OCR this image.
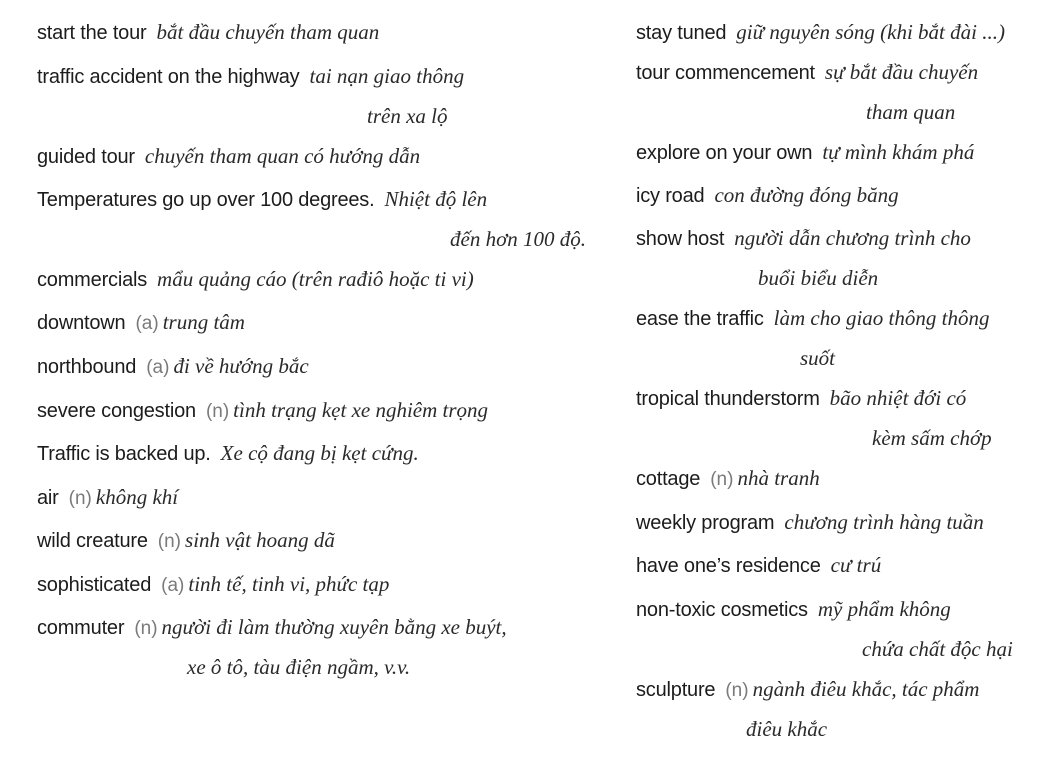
start the tour bắt đầu chuyến tham quan
traffic accident on the highway tai nạn giao thông
trên xa lộ
guided tour chuyến tham quan có hướng dẫn
Temperatures go up over 100 degrees. Nhiệt độ lên
đến hơn 100 độ.
commercials mẩu quảng cáo (trên rađiô hoặc ti vi)
downtown (a) trung tâm
northbound (a) đi về hướng bắc
severe congestion (n) tình trạng kẹt xe nghiêm trọng
Traffic is backed up. Xe cộ đang bị kẹt cứng.
air (n) không khí
wild creature (n) sinh vật hoang dã
sophisticated (a) tinh tế, tinh vi, phức tạp
commuter (n) người đi làm thường xuyên bằng xe buýt,
xe ô tô, tàu điện ngầm, v.v.
stay tuned giữ nguyên sóng (khi bắt đài ...)
tour commencement sự bắt đầu chuyến
tham quan
explore on your own tự mình khám phá
icy road con đường đóng băng
show host người dẫn chương trình cho
buổi biểu diễn
ease the traffic làm cho giao thông thông
suốt
tropical thunderstorm bão nhiệt đới có
kèm sấm chớp
cottage (n) nhà tranh
weekly program chương trình hàng tuần
have one’s residence cư trú
non-toxic cosmetics mỹ phẩm không
chứa chất độc hại
sculpture (n) ngành điêu khắc, tác phẩm
điêu khắc
